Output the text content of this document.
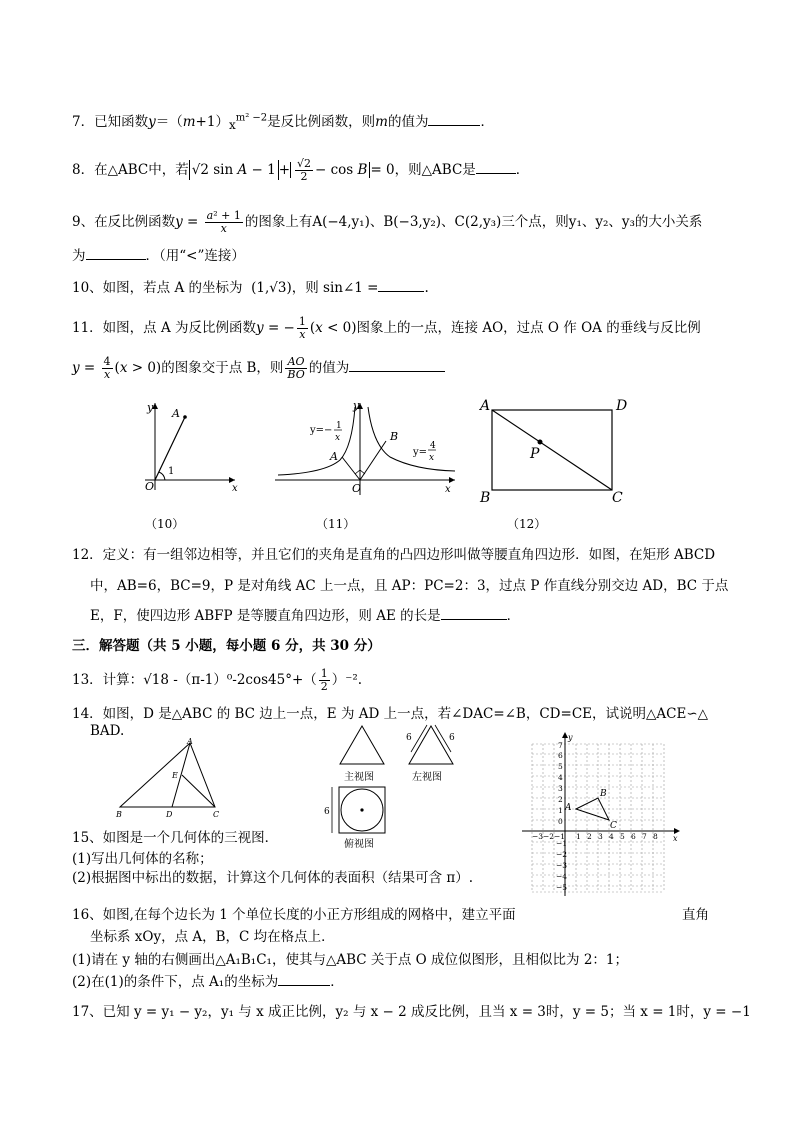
7．已知函数$y=(m+1)x^{m^2 -2}$是反比例函数，则m的值为	．
8．在△ABC中，若 √2 $\sin A - 1 + \frac{√2}{2} - \cos B = 0$，则△ABC是	．
9、在反比例函数$y = \frac{\text{a² + 1}}{x}$ 的图象上有A(−4,y₁)、B(−3,y₂)、C(2,y₃)三个点，则y₁、y₂、y₃的大小关系
为	．（用“<”连接）
10、如图，若点 A 的坐标为 (1,√3)，则 sin∠1 =	.
11．如图，点 A 为反比例函数y = − $\frac{1}{x} (x < 0)$图象上的一点，连接 AO，过点 O 作 OA 的垂线与反比例
$y = \frac{4}{x} (x > 0)$的图象交于点 B，则 $\frac{AO}{BO}$ 的值为
y A
1
O	x
（10）
y
A
B
O	x
y=− 1
x
y=
4
x
（11）
A	D
B	C
P
（12）
12．定义：有一组邻边相等，并且它们的夹角是直角的凸四边形叫做等腰直角四边形．如图，在矩形 ABCD
中，AB=6，BC=9，P 是对角线 AC 上一点，且 AP：PC=2：3，过点 P 作直线分别交边 AD，BC 于点
E，F，使四边形 ABFP 是等腰直角四边形，则 AE 的长是	．
三．解答题（共 5 小题，每小题 6 分，共 30 分）
13．计算：√18 $-(\pi-1)^0-2\cos 45^\circ+( \frac{1}{2} )^{-2}$.
14．如图，D 是△ABC 的 BC 边上一点，E 为 AD 上一点，若∠DAC=∠B，CD=CE，试说明△ACE∽△
BAD.
A
E
B	D	C
主视图
6	6
左视图
6
俯视图
y
x
A
B
C
7
6
5
4
3
2
1
0
−1
−2
−3
−4
−5
−3 −2 −1 1 2 3 4 5 6 7 8
15、如图是一个几何体的三视图．
(1)写出几何体的名称；
(2)根据图中标出的数据，计算这个几何体的表面积（结果可含 π）.
16、如图,在每个边长为 1 个单位长度的小正方形组成的网格中，建立平面	直角
坐标系 xOy，点 A，B，C 均在格点上．
(1)请在 y 轴的右侧画出△A₁B₁C₁，使其与△ABC 关于点 O 成位似图形，且相似比为 2：1；
(2)在(1)的条件下，点 A₁的坐标为	．
17、已知 y = y₁ − y₂，y₁ 与 x 成正比例，y₂ 与 x − 2 成反比例，且当 x = 3时，y = 5；当 x = 1时，y = −1
